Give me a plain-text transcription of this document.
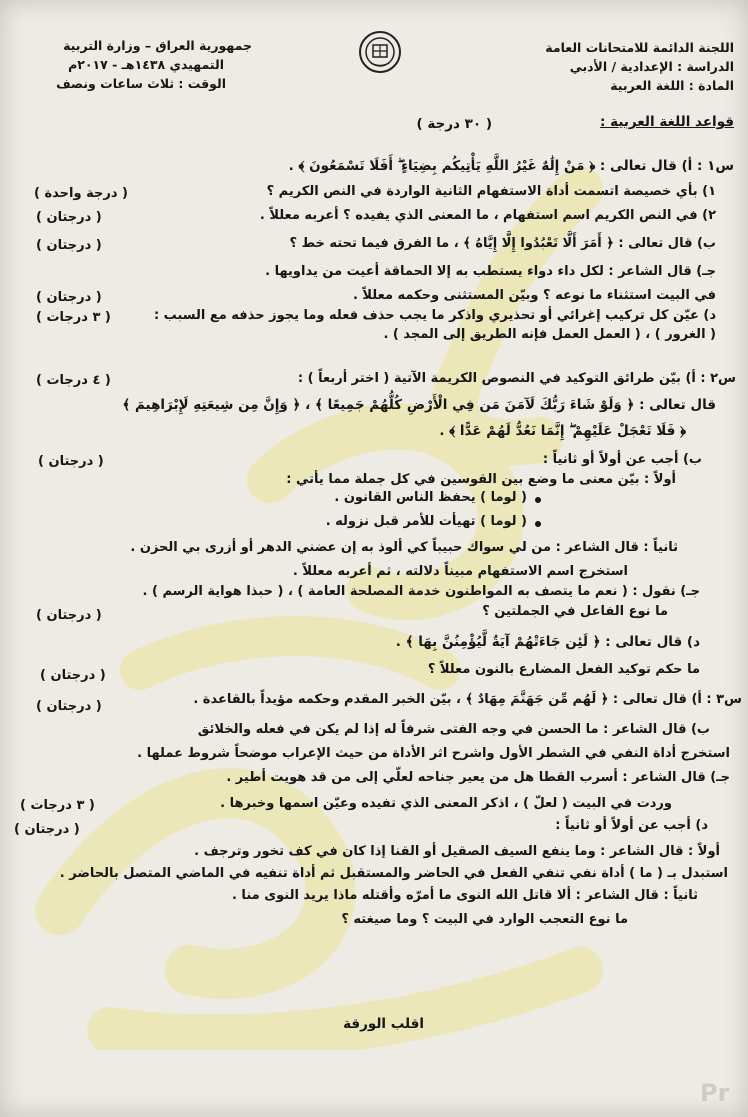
جمهورية العراق – وزارة التربية
التمهيدي ١٤٣٨هـ - ٢٠١٧م
الوقت : ثلاث ساعات ونصف
اللجنة الدائمة للامتحانات العامة
الدراسة : الإعدادية / الأدبي
المادة : اللغة العربية
قواعد اللغة العربية :
( ٣٠ درجة )
س١ : أ) قال تعالى : ﴿ مَنْ إِلَٰهٌ غَيْرُ اللَّهِ يَأْتِيكُم بِضِيَاءٍ ۖ أَفَلَا تَسْمَعُونَ ﴾ .
١) بأي خصيصة اتسمت أداة الاستفهام الثانية الواردة في النص الكريم ؟
( درجة واحدة )
٢) في النص الكريم اسم استفهام ، ما المعنى الذي يفيده ؟ أعربه معللاً .
( درجتان )
ب) قال تعالى : ﴿ أَمَرَ أَلَّا تَعْبُدُوا إِلَّا إِيَّاهُ ﴾ ، ما الفرق فيما تحته خط ؟
( درجتان )
جـ) قال الشاعر : لكل داء دواء يستطب به إلا الحماقة أعيت من يداويها .
في البيت استثناء ما نوعه ؟ وبيّن المستثنى وحكمه معللاً .
( درجتان )
د) عيّن كل تركيب إغرائي أو تحذيري واذكر ما يجب حذف فعله وما يجوز حذفه مع السبب :
( ٣ درجات )
( الغرور ) ، ( العمل العمل فإنه الطريق إلى المجد ) .
س٢ : أ) بيّن طرائق التوكيد في النصوص الكريمة الآتية ( اختر أربعاً ) :
( ٤ درجات )
قال تعالى : ﴿ وَلَوْ شَاءَ رَبُّكَ لَآمَنَ مَن فِي الْأَرْضِ كُلُّهُمْ جَمِيعًا ﴾ ، ﴿ وَإِنَّ مِن شِيعَتِهِ لَإِبْرَاهِيمَ ﴾
﴿ فَلَا تَعْجَلْ عَلَيْهِمْ ۖ إِنَّمَا نَعُدُّ لَهُمْ عَدًّا ﴾ .
ب) أجب عن أولاً أو ثانياً :
( درجتان )
أولاً : بيّن معنى ما وضع بين القوسين في كل جملة مما يأتي :
( لوما ) يحفظ الناس القانون .
( لوما ) تهيأت للأمر قبل نزوله .
ثانياً : قال الشاعر : من لي سواك حبيباً كي ألوذ به إن عضني الدهر أو أزرى بي الحزن .
استخرج اسم الاستفهام مبيناً دلالته ، ثم أعربه معللاً .
جـ) نقول : ( نعم ما يتصف به المواطنون خدمة المصلحة العامة ) ، ( حبذا هواية الرسم ) .
ما نوع الفاعل في الجملتين ؟
( درجتان )
د) قال تعالى : ﴿ لَئِن جَاءَتْهُمْ آيَةٌ لَّيُؤْمِنُنَّ بِهَا ﴾ .
ما حكم توكيد الفعل المضارع بالنون معللاً ؟
( درجتان )
س٣ : أ) قال تعالى : ﴿ لَهُم مِّن جَهَنَّمَ مِهَادٌ ﴾ ، بيّن الخبر المقدم وحكمه مؤيداً بالقاعدة .
( درجتان )
ب) قال الشاعر : ما الحسن في وجه الفتى شرفاً له إذا لم يكن في فعله والخلائق
استخرج أداة النفي في الشطر الأول واشرح اثر الأداة من حيث الإعراب موضحاً شروط عملها .
جـ) قال الشاعر : أسرب القطا هل من يعير جناحه لعلّي إلى من قد هويت أطير .
وردت في البيت ( لعلّ ) ، اذكر المعنى الذي تفيده وعيّن اسمها وخبرها .
( ٣ درجات )
د) أجب عن أولاً أو ثانياً :
( درجتان )
أولاً : قال الشاعر : وما ينفع السيف الصقيل أو القنا إذا كان في كف تخور وترجف .
استبدل بـ ( ما ) أداة نفي تنفي الفعل في الحاضر والمستقبل ثم أداة تنفيه في الماضي المتصل بالحاضر .
ثانياً : قال الشاعر : ألا قاتل الله النوى ما أمرّه وأقتله ماذا يريد النوى منا .
ما نوع التعجب الوارد في البيت ؟ وما صيغته ؟
اقلب الورقة
Pr
